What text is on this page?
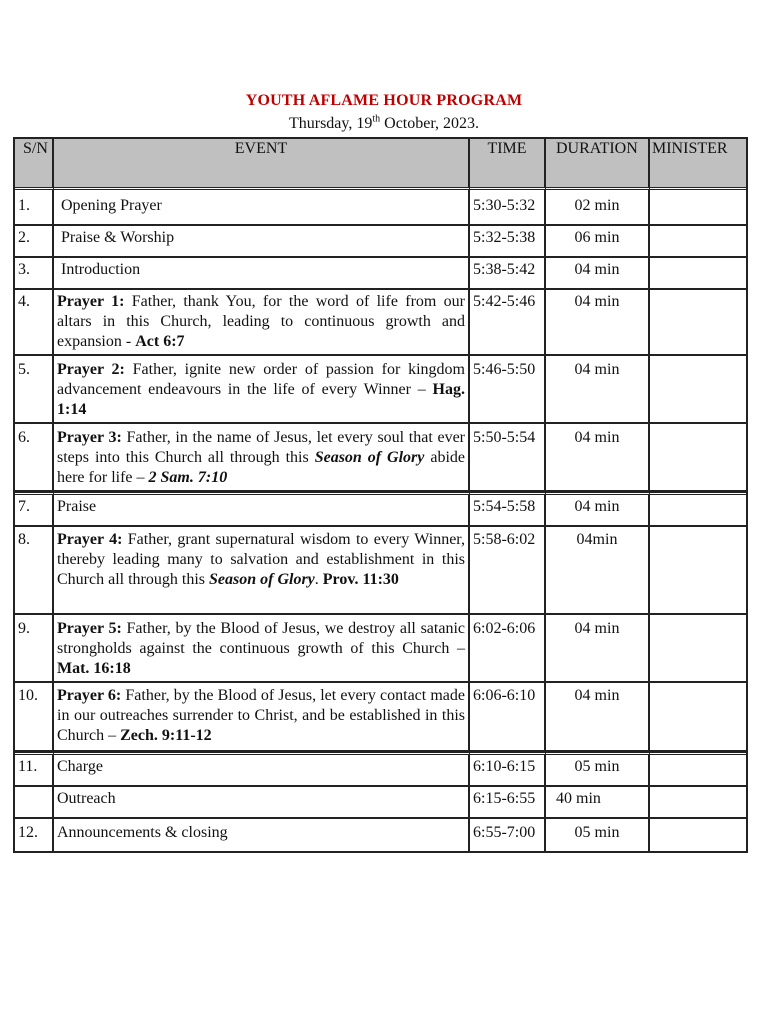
YOUTH AFLAME HOUR PROGRAM
Thursday, 19th October, 2023.
S/N	EVENT	TIME	DURATION	MINISTER
1.	Opening Prayer	5:30-5:32	02 min	
2.	Praise & Worship	5:32-5:38	06 min	
3.	Introduction	5:38-5:42	04 min	
4.	Prayer 1: Father, thank You, for the word of life from our altars in this Church, leading to continuous growth and expansion - Act 6:7	5:42-5:46	04 min	
5.	Prayer 2: Father, ignite new order of passion for kingdom advancement endeavours in the life of every Winner – Hag. 1:14	5:46-5:50	04 min	
6.	Prayer 3: Father, in the name of Jesus, let every soul that ever steps into this Church all through this Season of Glory abide here for life – 2 Sam. 7:10	5:50-5:54	04 min	
7.	Praise	5:54-5:58	04 min	
8.	Prayer 4: Father, grant supernatural wisdom to every Winner, thereby leading many to salvation and establishment in this Church all through this Season of Glory. Prov. 11:30	5:58-6:02	04min	
9.	Prayer 5: Father, by the Blood of Jesus, we destroy all satanic strongholds against the continuous growth of this Church – Mat. 16:18	6:02-6:06	04 min	
10.	Prayer 6: Father, by the Blood of Jesus, let every contact made in our outreaches surrender to Christ, and be established in this Church – Zech. 9:11-12	6:06-6:10	04 min	
11.	Charge	6:10-6:15	05 min	
	Outreach	6:15-6:55	40 min	
12.	Announcements & closing	6:55-7:00	05 min	
